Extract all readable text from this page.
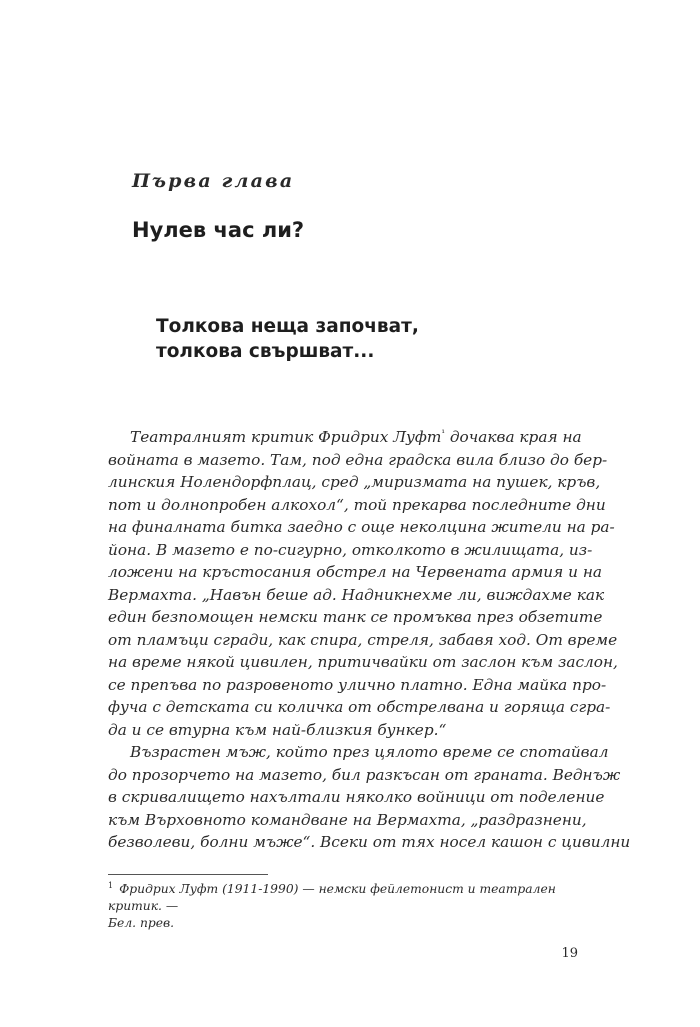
Първа глава
Нулев час ли?
Толкова неща започват,
толкова свършват...
Театралният критик Фридрих Луфт$^{^1}$ дочаква края на
войната в мазето. Там, под една градска вила близо до бер-
линския Нолендорфплац, сред „миризмата на пушек, кръв,
пот и долнопробен алкохол“, той прекарва последните дни
на финалната битка заедно с още неколцина жители на ра-
йона. В мазето е по-сигурно, отколкото в жилищата, из-
ложени на кръстосания обстрел на Червената армия и на
Вермахта. „Навън беше ад. Надникнехме ли, виждахме как
един безпомощен немски танк се промъква през обзетите
от пламъци сгради, как спира, стреля, забавя ход. От време
на време някой цивилен, притичвайки от заслон към заслон,
се препъва по разровеното улично платно. Една майка про-
фуча с детската си количка от обстрелвана и горяща сгра-
да и се втурна към най-близкия бункер.“
Възрастен мъж, който през цялото време се спотайвал
до прозорчето на мазето, бил разкъсан от граната. Веднъж
в скривалището нахълтали няколко войници от поделение
към Върховното командване на Вермахта, „раздразнени,
безволеви, болни мъже“. Всеки от тях носел кашон с цивилни
$^1$ Фридрих Луфт (1911-1990) — немски фейлетонист и театрален критик. —
Бел. прев.
19
